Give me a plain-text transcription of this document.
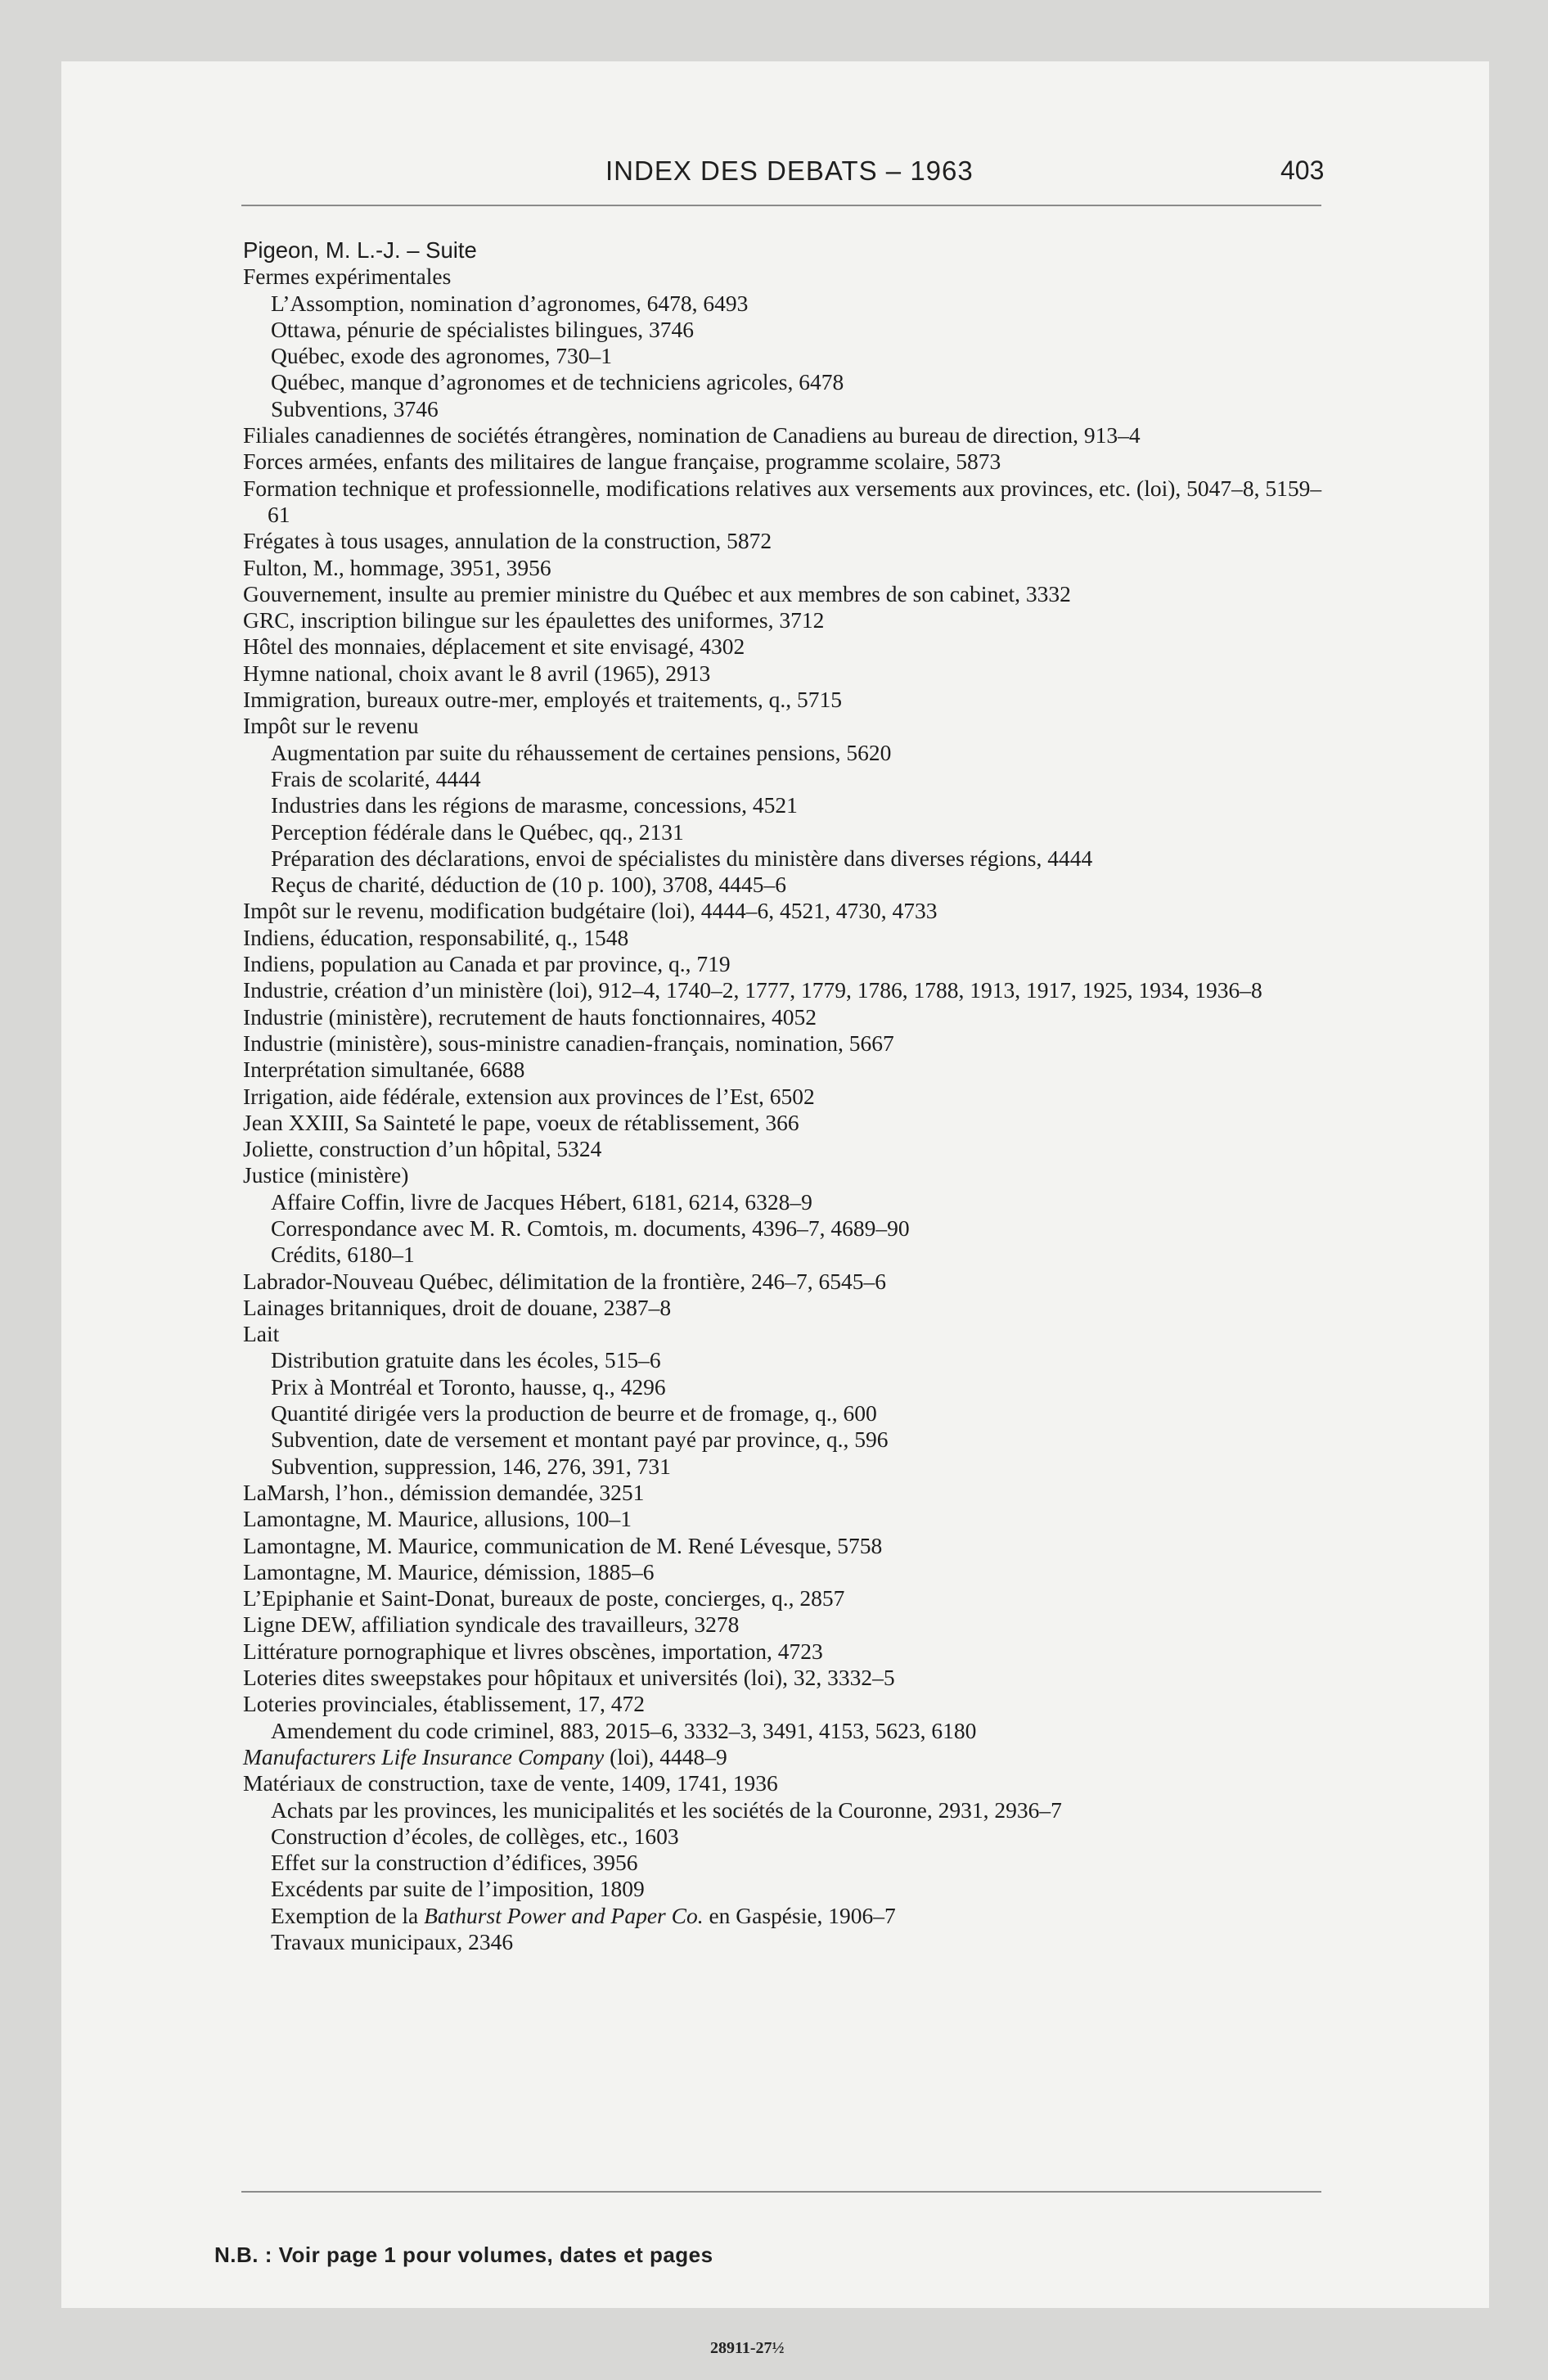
INDEX DES DEBATS – 1963	403
Pigeon, M. L.-J. – Suite
Fermes expérimentales
L’Assomption, nomination d’agronomes, 6478, 6493
Ottawa, pénurie de spécialistes bilingues, 3746
Québec, exode des agronomes, 730–1
Québec, manque d’agronomes et de techniciens agricoles, 6478
Subventions, 3746
Filiales canadiennes de sociétés étrangères, nomination de Canadiens au bureau de direction, 913–4
Forces armées, enfants des militaires de langue française, programme scolaire, 5873
Formation technique et professionnelle, modifications relatives aux versements aux provinces, etc. (loi), 5047–8, 5159–61
Frégates à tous usages, annulation de la construction, 5872
Fulton, M., hommage, 3951, 3956
Gouvernement, insulte au premier ministre du Québec et aux membres de son cabinet, 3332
GRC, inscription bilingue sur les épaulettes des uniformes, 3712
Hôtel des monnaies, déplacement et site envisagé, 4302
Hymne national, choix avant le 8 avril (1965), 2913
Immigration, bureaux outre-mer, employés et traitements, q., 5715
Impôt sur le revenu
Augmentation par suite du réhaussement de certaines pensions, 5620
Frais de scolarité, 4444
Industries dans les régions de marasme, concessions, 4521
Perception fédérale dans le Québec, qq., 2131
Préparation des déclarations, envoi de spécialistes du ministère dans diverses régions, 4444
Reçus de charité, déduction de (10 p. 100), 3708, 4445–6
Impôt sur le revenu, modification budgétaire (loi), 4444–6, 4521, 4730, 4733
Indiens, éducation, responsabilité, q., 1548
Indiens, population au Canada et par province, q., 719
Industrie, création d’un ministère (loi), 912–4, 1740–2, 1777, 1779, 1786, 1788, 1913, 1917, 1925, 1934, 1936–8
Industrie (ministère), recrutement de hauts fonctionnaires, 4052
Industrie (ministère), sous-ministre canadien-français, nomination, 5667
Interprétation simultanée, 6688
Irrigation, aide fédérale, extension aux provinces de l’Est, 6502
Jean XXIII, Sa Sainteté le pape, voeux de rétablissement, 366
Joliette, construction d’un hôpital, 5324
Justice (ministère)
Affaire Coffin, livre de Jacques Hébert, 6181, 6214, 6328–9
Correspondance avec M. R. Comtois, m. documents, 4396–7, 4689–90
Crédits, 6180–1
Labrador-Nouveau Québec, délimitation de la frontière, 246–7, 6545–6
Lainages britanniques, droit de douane, 2387–8
Lait
Distribution gratuite dans les écoles, 515–6
Prix à Montréal et Toronto, hausse, q., 4296
Quantité dirigée vers la production de beurre et de fromage, q., 600
Subvention, date de versement et montant payé par province, q., 596
Subvention, suppression, 146, 276, 391, 731
LaMarsh, l’hon., démission demandée, 3251
Lamontagne, M. Maurice, allusions, 100–1
Lamontagne, M. Maurice, communication de M. René Lévesque, 5758
Lamontagne, M. Maurice, démission, 1885–6
L’Epiphanie et Saint-Donat, bureaux de poste, concierges, q., 2857
Ligne DEW, affiliation syndicale des travailleurs, 3278
Littérature pornographique et livres obscènes, importation, 4723
Loteries dites sweepstakes pour hôpitaux et universités (loi), 32, 3332–5
Loteries provinciales, établissement, 17, 472
Amendement du code criminel, 883, 2015–6, 3332–3, 3491, 4153, 5623, 6180
Manufacturers Life Insurance Company (loi), 4448–9
Matériaux de construction, taxe de vente, 1409, 1741, 1936
Achats par les provinces, les municipalités et les sociétés de la Couronne, 2931, 2936–7
Construction d’écoles, de collèges, etc., 1603
Effet sur la construction d’édifices, 3956
Excédents par suite de l’imposition, 1809
Exemption de la Bathurst Power and Paper Co. en Gaspésie, 1906–7
Travaux municipaux, 2346
N.B. : Voir page 1 pour volumes, dates et pages
28911-27½
